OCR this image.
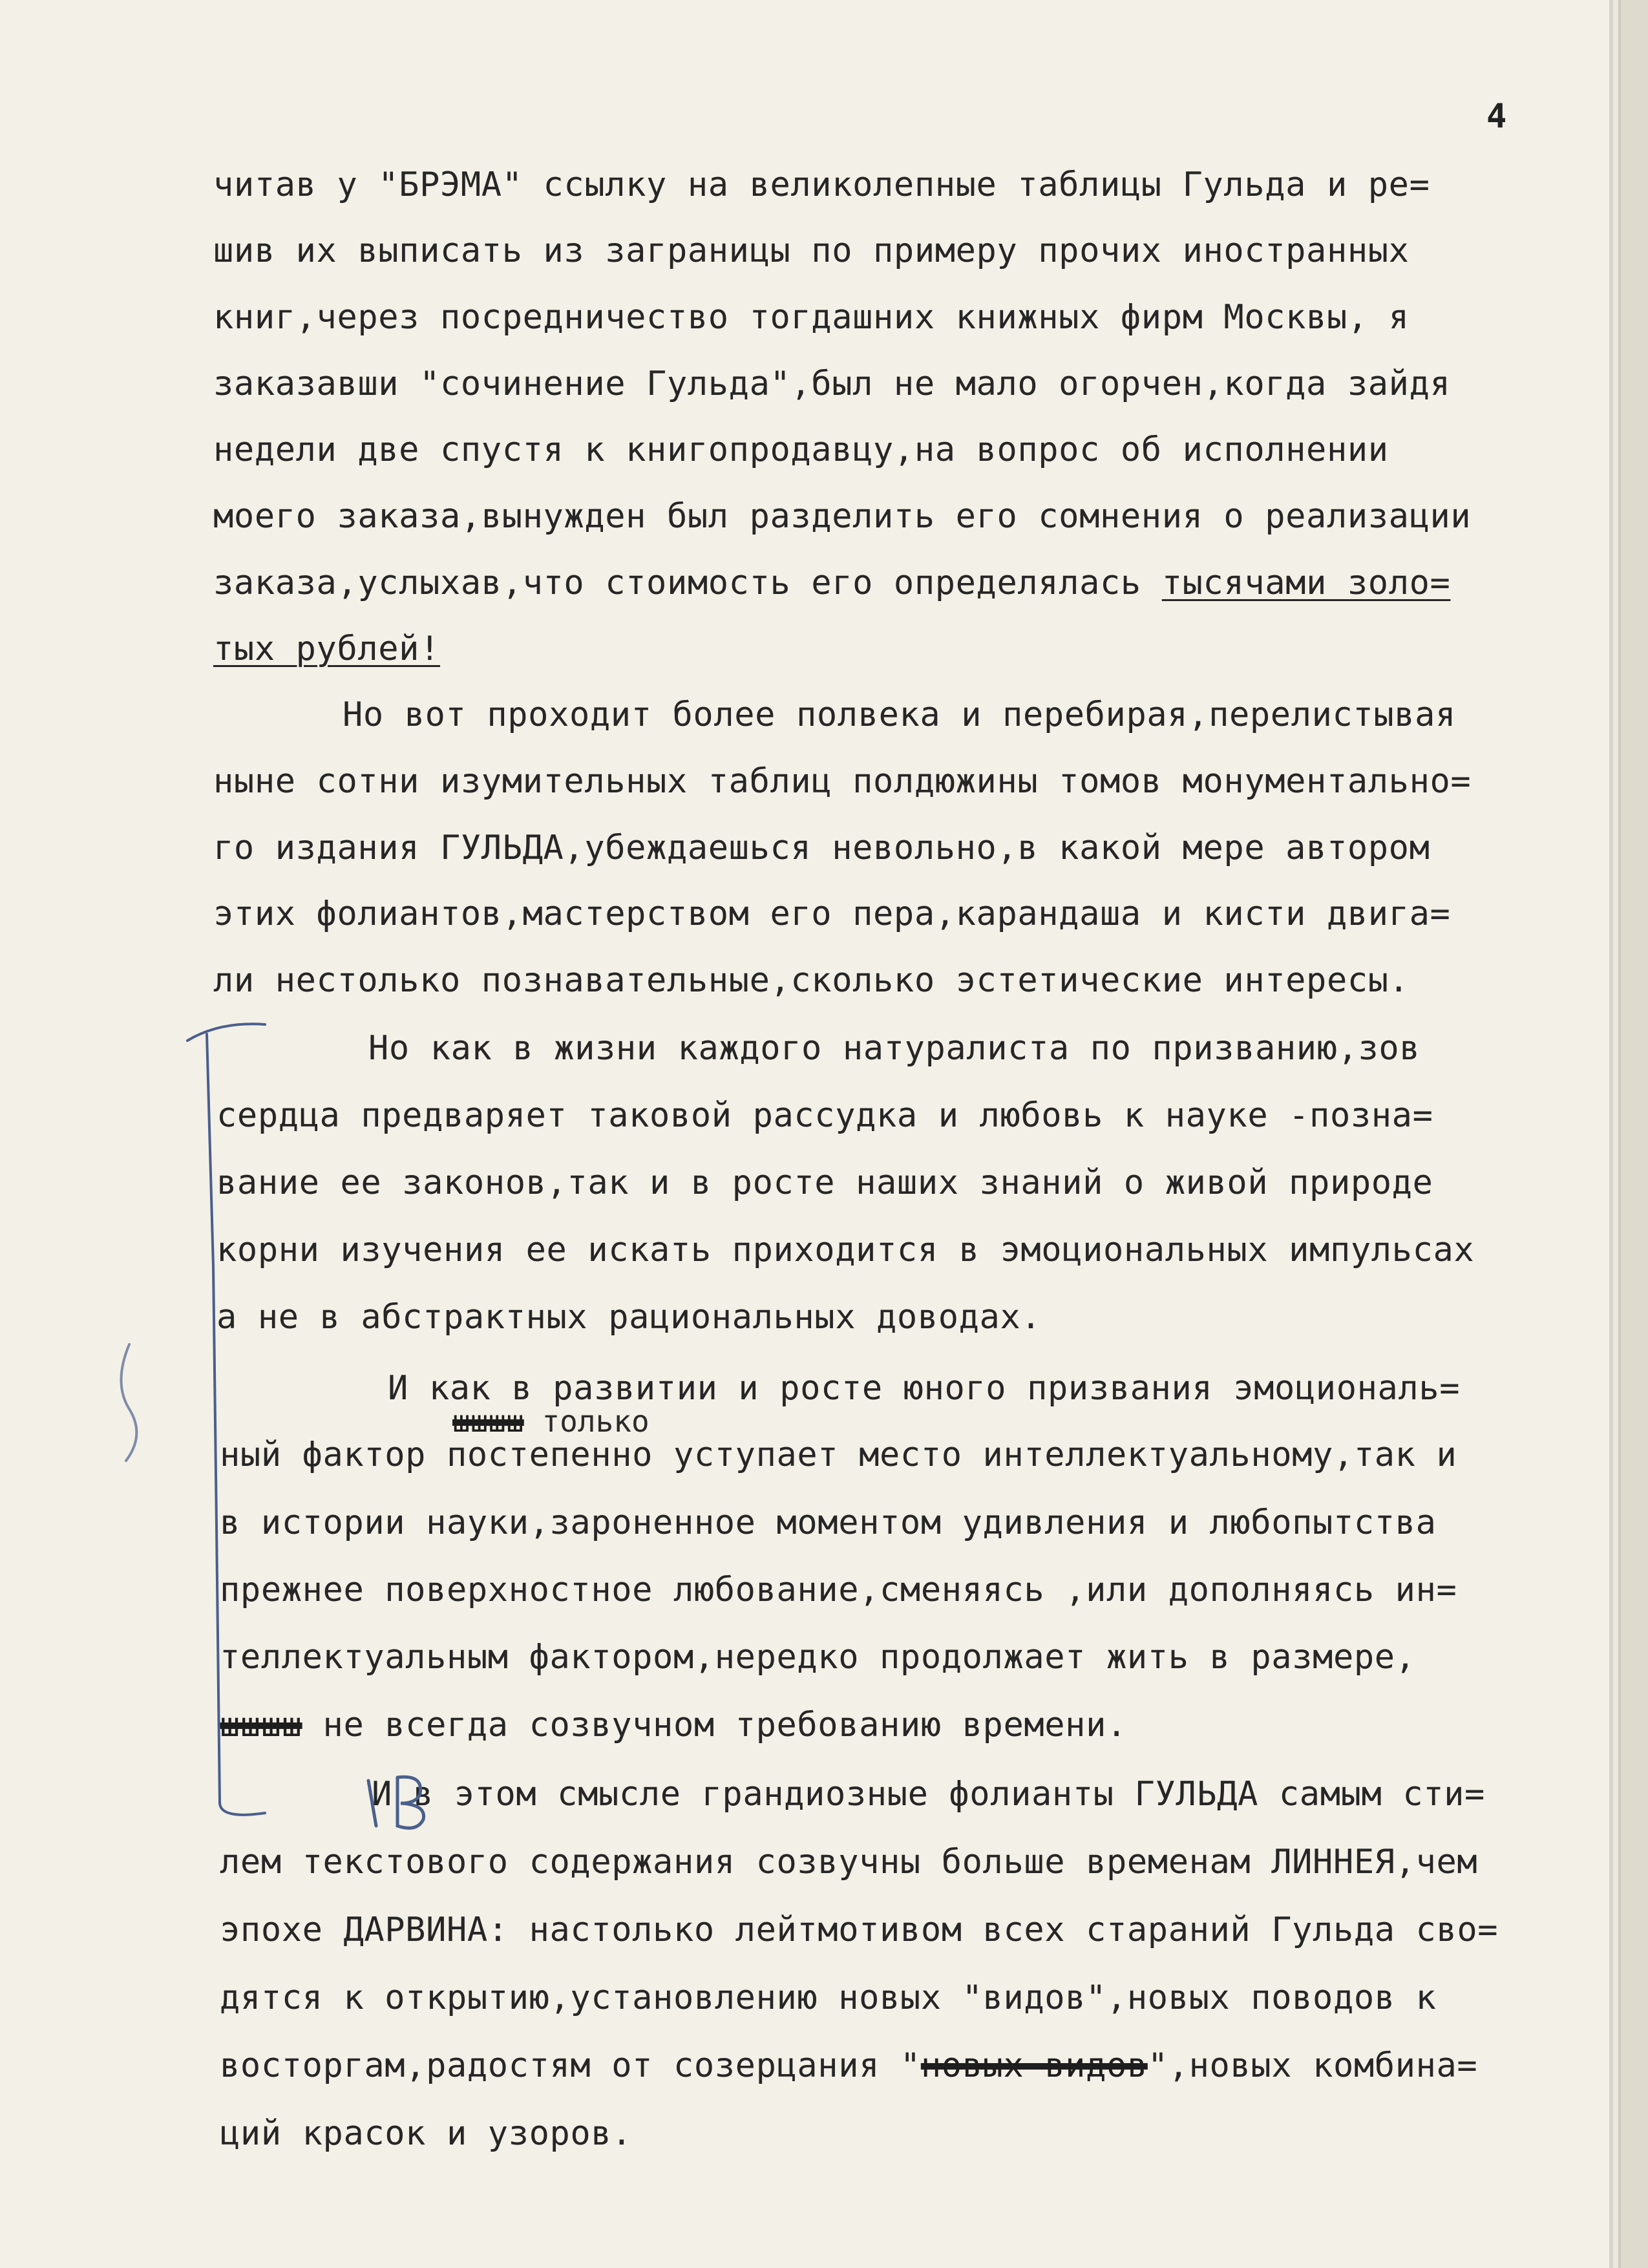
4
читав у "БРЭМА" ссылку на великолепные таблицы Гульда и ре=
шив их выписать из заграницы по примеру прочих иностранных
книг,через посредничество тогдашних книжных фирм Москвы, я
заказавши "сочинение Гульда",был не мало огорчен,когда зайдя
недели две спустя к книгопродавцу,на вопрос об исполнении
моего заказа,вынужден был разделить его сомнения о реализации
заказа,услыхав,что стоимость его определялась тысячами золо=
тых рублей!
Но вот проходит более полвека и перебирая,перелистывая
ныне сотни изумительных таблиц полдюжины томов монументально=
го издания ГУЛЬДА,убеждаешься невольно,в какой мере автором
этих фолиантов,мастерством его пера,карандаша и кисти двига=
ли нестолько познавательные,сколько эстетические интересы.
Но как в жизни каждого натуралиста по призванию,зов
сердца предваряет таковой рассудка и любовь к науке -позна=
вание ее законов,так и в росте наших знаний о живой природе
корни изучения ее искать приходится в эмоциональных импульсах
а не в абстрактных рациональных доводах.
И как в развитии и росте юного призвания эмоциональ=
шшшш только
ный фактор постепенно уступает место интеллектуальному,так и
в истории науки,зароненное моментом удивления и любопытства
прежнее поверхностное любование,сменяясь ,или дополняясь ин=
теллектуальным фактором,нередко продолжает жить в размере,
шшшш не всегда созвучном требованию времени.
И в этом смысле грандиозные фолианты ГУЛЬДА самым сти=
лем текстового содержания созвучны больше временам ЛИННЕЯ,чем
эпохе ДАРВИНА: настолько лейтмотивом всех стараний Гульда сво=
дятся к открытию,установлению новых "видов",новых поводов к
восторгам,радостям от созерцания "новых видов",новых комбина=
ций красок и узоров.
